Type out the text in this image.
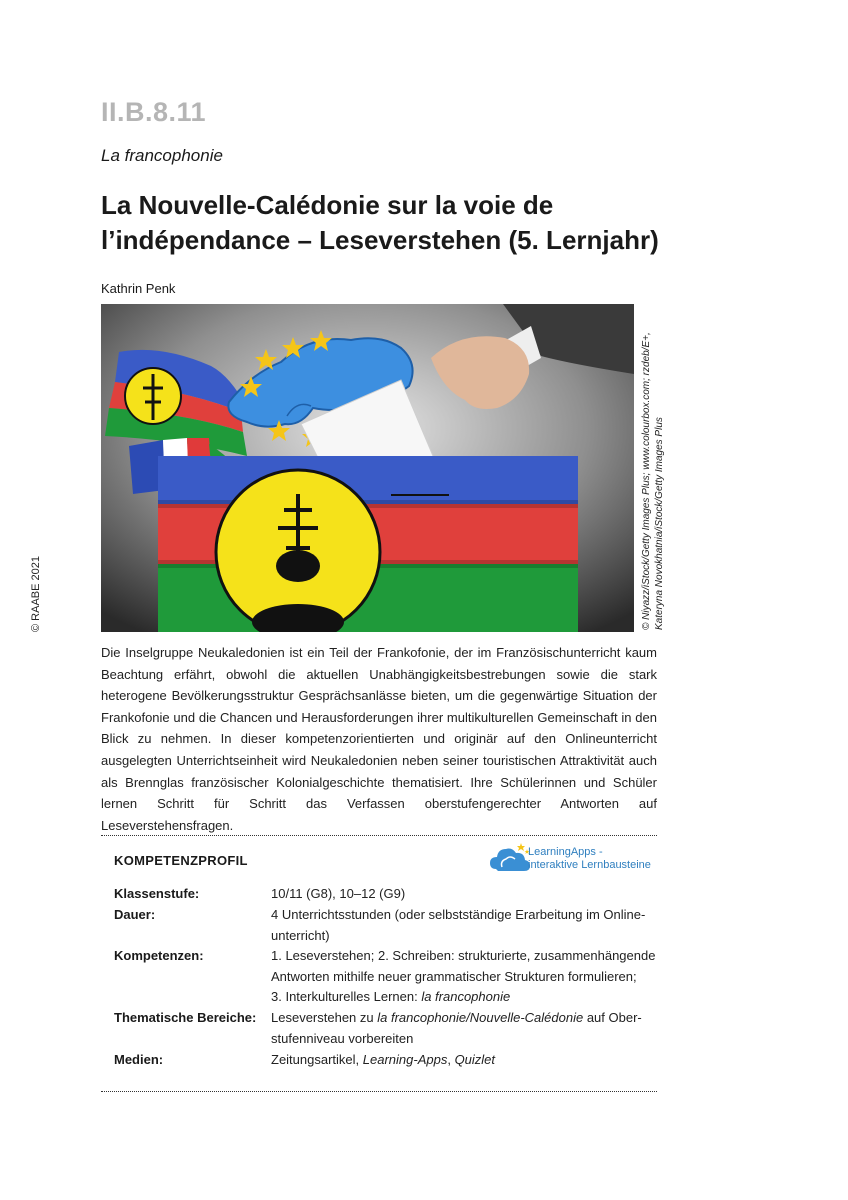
II.B.8.11
La francophonie
La Nouvelle-Calédonie sur la voie de
l’indépendance – Leseverstehen (5. Lernjahr)
Kathrin Penk
© Niyazz/iStock/Getty Images Plus; www.colourbox.com; rzdeb/E+, Kateryna Novokhatnia/iStock/Getty Images Plus
© RAABE 2021

Die Inselgruppe Neukaledonien ist ein Teil der Frankofonie, der im Französischunterricht kaum Beachtung erfährt, obwohl die aktuellen Unabhängigkeitsbestrebungen sowie die stark heterogene Bevölkerungsstruktur Gesprächsanlässe bieten, um die gegenwärtige Situation der Frankofonie und die Chancen und Herausforderungen ihrer multikulturellen Gemeinschaft in den Blick zu nehmen. In dieser kompetenzorientierten und originär auf den Onlineunterricht ausgelegten Unterrichtseinheit wird Neukaledonien neben seiner touristischen Attraktivität auch als Brennglas französischer Kolonialgeschichte thematisiert. Ihre Schülerinnen und Schüler lernen Schritt für Schritt das Verfassen oberstufengerechter Antworten auf Leseverstehensfragen.

KOMPETENZPROFIL
LearningApps -
interaktive Lernbausteine
Klassenstufe:	10/11 (G8), 10–12 (G9)
Dauer:	4 Unterrichtsstunden (oder selbstständige Erarbeitung im Online-
unterricht)
Kompetenzen:	1. Leseverstehen; 2. Schreiben: strukturierte, zusammenhängende
Antworten mithilfe neuer grammatischer Strukturen formulieren;
3. Interkulturelles Lernen: la francophonie
Thematische Bereiche: Leseverstehen zu la francophonie/Nouvelle-Calédonie auf Ober-
stufenniveau vorbereiten
Medien:	Zeitungsartikel, Learning-Apps, Quizlet
